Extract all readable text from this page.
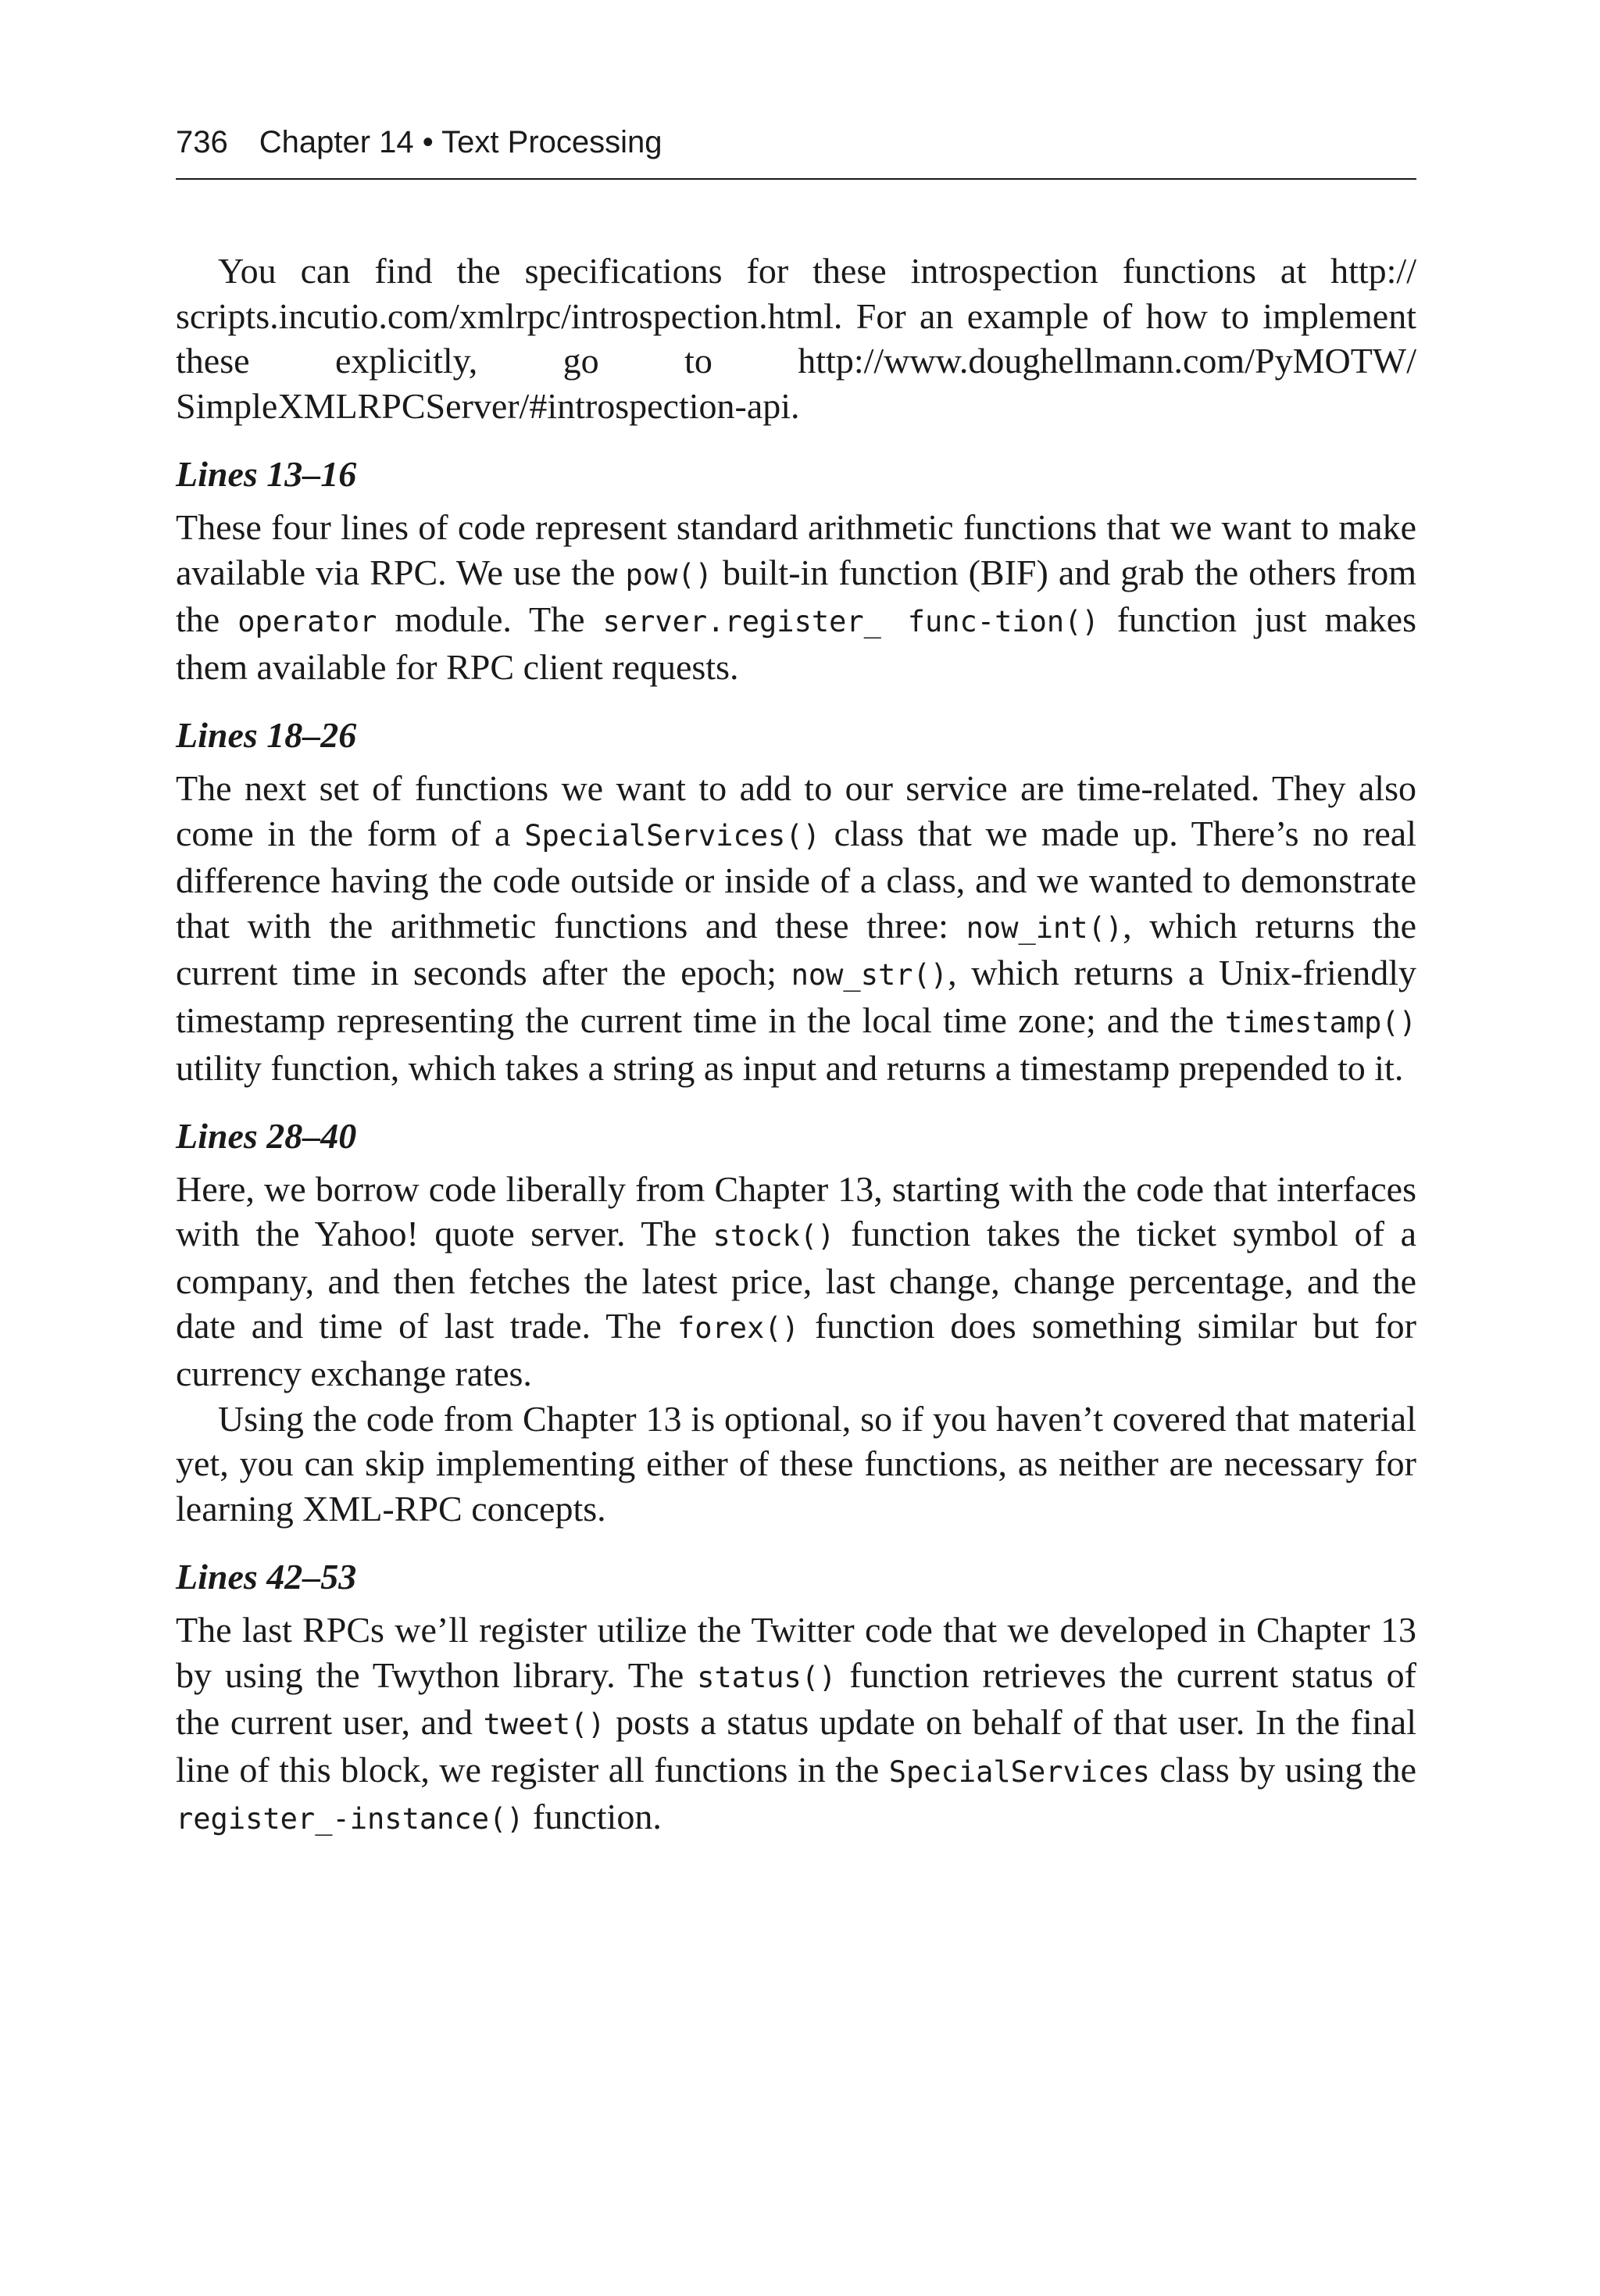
736 Chapter 14 • Text Processing

You can find the specifications for these introspection functions at http:// scripts.incutio.com/xmlrpc/introspection.html. For an example of how to implement these explicitly, go to http://www.doughellmann.com/PyMOTW/ SimpleXMLRPCServer/#introspection-api.

Lines 13–16

These four lines of code represent standard arithmetic functions that we want to make available via RPC. We use the pow() built-in function (BIF) and grab the others from the operator module. The server.register_ func-tion() function just makes them available for RPC client requests.

Lines 18–26

The next set of functions we want to add to our service are time-related. They also come in the form of a SpecialServices() class that we made up. There’s no real difference having the code outside or inside of a class, and we wanted to demonstrate that with the arithmetic functions and these three: now_int(), which returns the current time in seconds after the epoch; now_str(), which returns a Unix-friendly timestamp representing the current time in the local time zone; and the timestamp() utility function, which takes a string as input and returns a timestamp prepended to it.

Lines 28–40

Here, we borrow code liberally from Chapter 13, starting with the code that interfaces with the Yahoo! quote server. The stock() function takes the ticket symbol of a company, and then fetches the latest price, last change, change percentage, and the date and time of last trade. The forex() function does something similar but for currency exchange rates.

Using the code from Chapter 13 is optional, so if you haven’t covered that material yet, you can skip implementing either of these functions, as neither are necessary for learning XML-RPC concepts.

Lines 42–53

The last RPCs we’ll register utilize the Twitter code that we developed in Chapter 13 by using the Twython library. The status() function retrieves the current status of the current user, and tweet() posts a status update on behalf of that user. In the final line of this block, we register all functions in the SpecialServices class by using the register_-instance() function.
